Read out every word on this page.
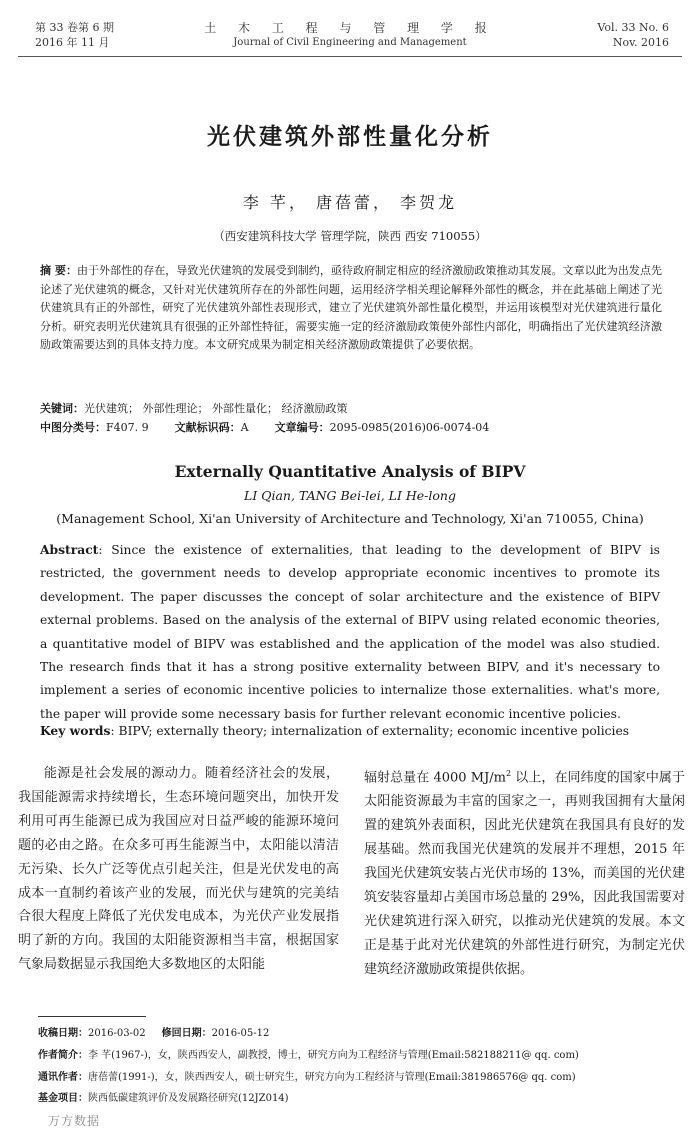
第 33 卷第 6 期
2016 年 11 月
土 木 工 程 与 管 理 学 报
Journal of Civil Engineering and Management
Vol. 33 No. 6
Nov. 2016
光伏建筑外部性量化分析
李 芊， 唐蓓蕾， 李贺龙
（西安建筑科技大学 管理学院，陕西 西安 710055）
摘 要：由于外部性的存在，导致光伏建筑的发展受到制约，亟待政府制定相应的经济激励政策推动其发展。文章以此为出发点先论述了光伏建筑的概念，又针对光伏建筑所存在的外部性问题，运用经济学相关理论解释外部性的概念，并在此基础上阐述了光伏建筑具有正的外部性，研究了光伏建筑外部性表现形式，建立了光伏建筑外部性量化模型，并运用该模型对光伏建筑进行量化分析。研究表明光伏建筑具有很强的正外部性特征，需要实施一定的经济激励政策使外部性内部化，明确指出了光伏建筑经济激励政策需要达到的具体支持力度。本文研究成果为制定相关经济激励政策提供了必要依据。
关键词：光伏建筑； 外部性理论； 外部性量化； 经济激励政策
中图分类号：F407. 9 文献标识码：A 文章编号：2095-0985(2016)06-0074-04
Externally Quantitative Analysis of BIPV
LI Qian, TANG Bei-lei, LI He-long
(Management School, Xi'an University of Architecture and Technology, Xi'an 710055, China)
Abstract: Since the existence of externalities, that leading to the development of BIPV is restricted, the government needs to develop appropriate economic incentives to promote its development. The paper discusses the concept of solar architecture and the existence of BIPV external problems. Based on the analysis of the external of BIPV using related economic theories, a quantitative model of BIPV was established and the application of the model was also studied. The research finds that it has a strong positive externality between BIPV, and it's necessary to implement a series of economic incentive policies to internalize those externalities. what's more, the paper will provide some necessary basis for further relevant economic incentive policies.
Key words: BIPV; externally theory; internalization of externality; economic incentive policies
能源是社会发展的源动力。随着经济社会的发展，我国能源需求持续增长，生态环境问题突出，加快开发利用可再生能源已成为我国应对日益严峻的能源环境问题的必由之路。在众多可再生能源当中，太阳能以清洁无污染、长久广泛等优点引起关注，但是光伏发电的高成本一直制约着该产业的发展，而光伏与建筑的完美结合很大程度上降低了光伏发电成本，为光伏产业发展指明了新的方向。我国的太阳能资源相当丰富，根据国家气象局数据显示我国绝大多数地区的太阳能
辐射总量在 4000 $MJ/m^2$ 以上，在同纬度的国家中属于太阳能资源最为丰富的国家之一，再则我国拥有大量闲置的建筑外表面积，因此光伏建筑在我国具有良好的发展基础。然而我国光伏建筑的发展并不理想，2015 年我国光伏建筑安装占光伏市场的 13%，而美国的光伏建筑安装容量却占美国市场总量的 29%，因此我国需要对光伏建筑进行深入研究，以推动光伏建筑的发展。本文正是基于此对光伏建筑的外部性进行研究，为制定光伏建筑经济激励政策提供依据。
收稿日期：2016-03-02 修回日期：2016-05-12
作者简介：李 芊(1967-)，女，陕西西安人，副教授，博士，研究方向为工程经济与管理(Email:582188211@ qq. com)
通讯作者：唐蓓蕾(1991-)，女，陕西西安人，硕士研究生，研究方向为工程经济与管理(Email:381986576@ qq. com)
基金项目：陕西低碳建筑评价及发展路径研究(12JZ014)
万方数据
